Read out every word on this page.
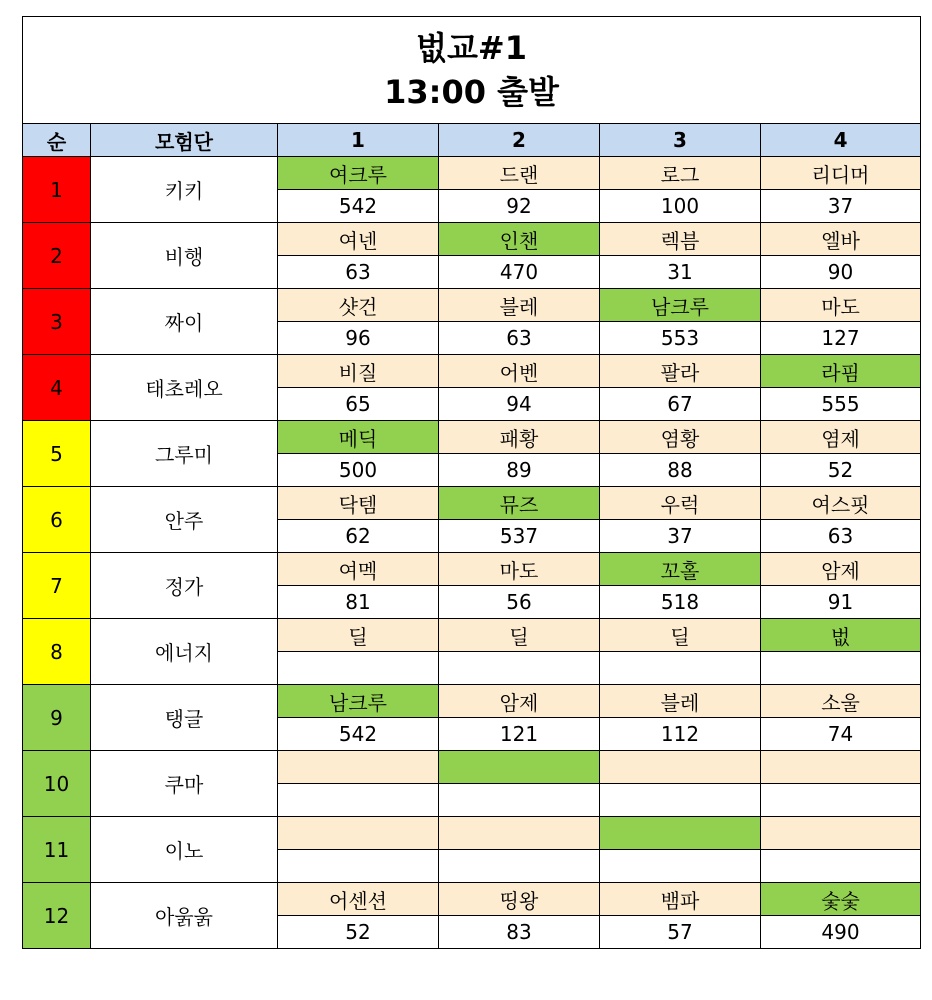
벖교#1
13:00 출발					

순	모험단	1	2	3	4
1	키키	여크루	드랜	로그	리디머
		542	92	100	37
2	비행	여넨	인챈	렉븜	엘바
		63	470	31	90
3	짜이	샷건	블레	남크루	마도
		96	63	553	127
4	태초레오	비질	어벤	팔라	라핌
		65	94	67	555
5	그루미	메딕	패황	염황	염제
		500	89	88	52
6	안주	닥템	뮤즈	우럭	여스핏
		62	537	37	63
7	정가	여멕	마도	꼬홀	암제
		81	56	518	91
8	에너지	딜	딜	딜	벖

9	탱글	남크루	암제	블레	소울
		542	121	112	74
10	쿠마				

11	이노				

12	아욹욹	어센션	띵왕	뱀파	숯숯
		52	83	57	490
